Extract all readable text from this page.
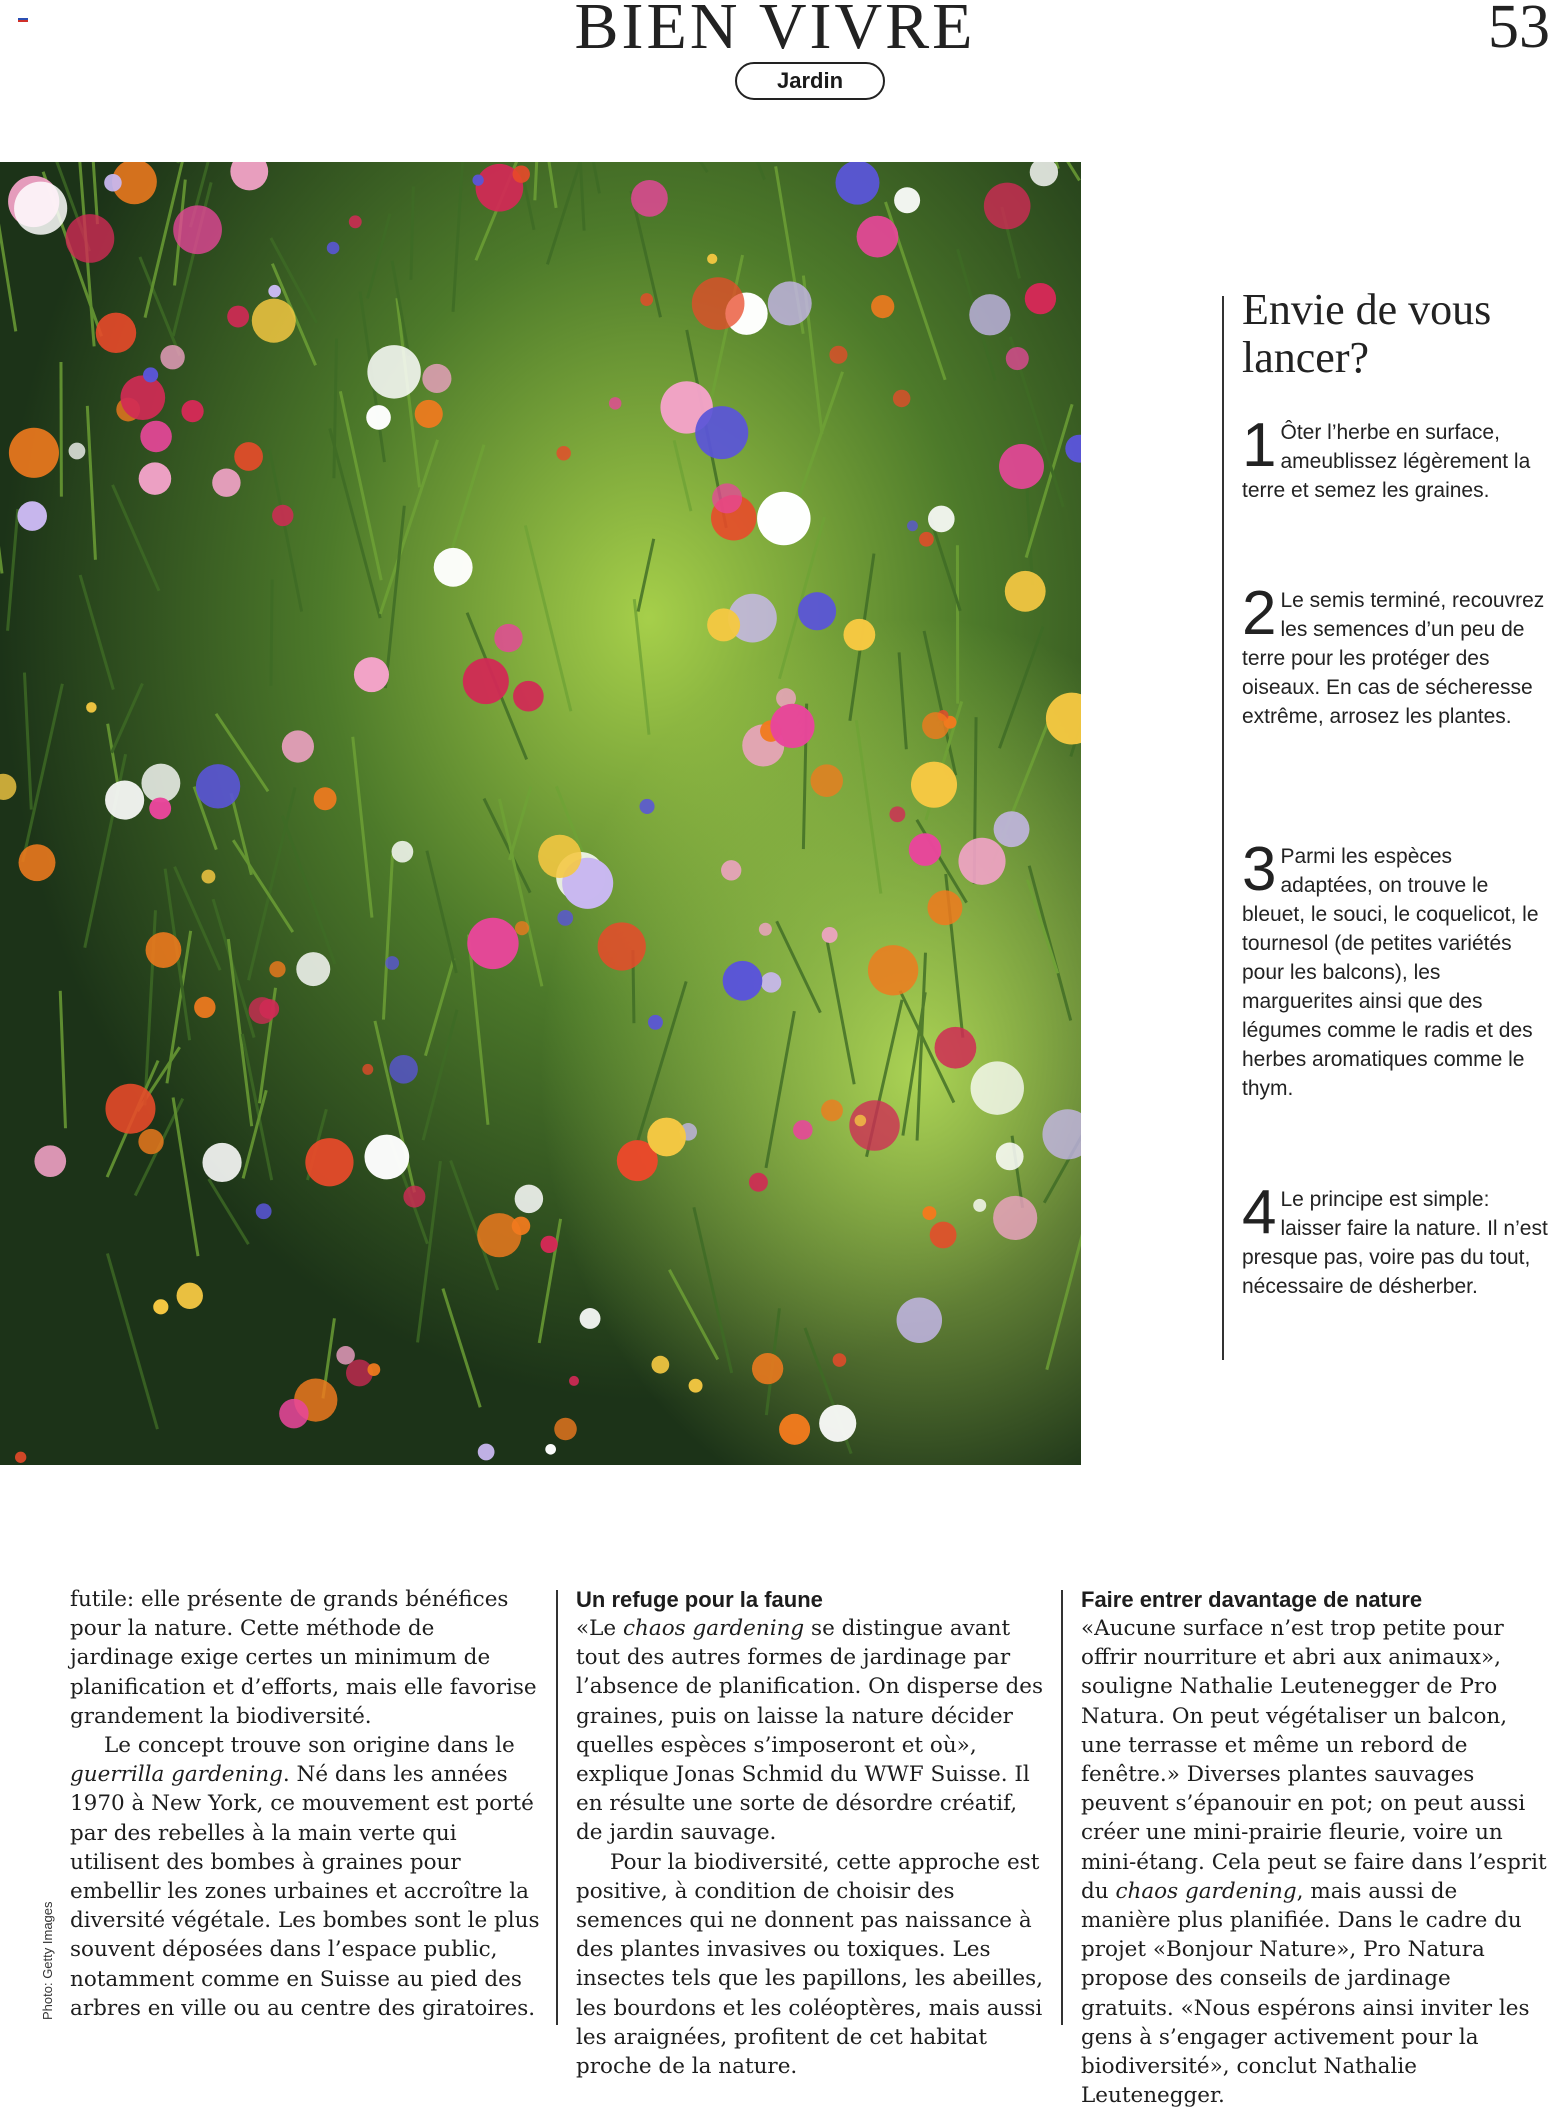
BIEN VIVRE	53
Jardin
Photo: Getty Images
Envie de vous lancer?
1 Ôter l’herbe en surface, ameublissez légèrement la terre et semez les graines.
2 Le semis terminé, recouvrez les semences d’un peu de terre pour les protéger des oiseaux. En cas de sécheresse extrême, arrosez les plantes.
3 Parmi les espèces adaptées, on trouve le bleuet, le souci, le coquelicot, le tournesol (de petites variétés pour les balcons), les marguerites ainsi que des légumes comme le radis et des herbes aromatiques comme le thym.
4 Le principe est simple: laisser faire la nature. Il n’est presque pas, voire pas du tout, nécessaire de désherber.

futile: elle présente de grands bénéfices pour la nature. Cette méthode de jardinage exige certes un minimum de planification et d’efforts, mais elle favorise grandement la biodiversité.

Le concept trouve son origine dans le guerrilla gardening. Né dans les années 1970 à New York, ce mouvement est porté par des rebelles à la main verte qui utilisent des bombes à graines pour embellir les zones urbaines et accroître la diversité végétale. Les bombes sont le plus souvent déposées dans l’espace public, notamment comme en Suisse au pied des arbres en ville ou au centre des giratoires.

Un refuge pour la faune

«Le chaos gardening se distingue avant tout des autres formes de jardinage par l’absence de planification. On disperse des graines, puis on laisse la nature décider quelles espèces s’imposeront et où», explique Jonas Schmid du WWF Suisse. Il en résulte une sorte de désordre créatif, de jardin sauvage.

Pour la biodiversité, cette approche est positive, à condition de choisir des semences qui ne donnent pas naissance à des plantes invasives ou toxiques. Les insectes tels que les papillons, les abeilles, les bourdons et les coléoptères, mais aussi les araignées, profitent de cet habitat proche de la nature.

Faire entrer davantage de nature

«Aucune surface n’est trop petite pour offrir nourriture et abri aux animaux», souligne Nathalie Leutenegger de Pro Natura. On peut végétaliser un balcon, une terrasse et même un rebord de fenêtre.» Diverses plantes sauvages peuvent s’épanouir en pot; on peut aussi créer une mini-prairie fleurie, voire un mini-étang. Cela peut se faire dans l’esprit du chaos gardening, mais aussi de manière plus planifiée. Dans le cadre du projet «Bonjour Nature», Pro Natura propose des conseils de jardinage gratuits. «Nous espérons ainsi inviter les gens à s’engager activement pour la biodiversité», conclut Nathalie Leutenegger.
